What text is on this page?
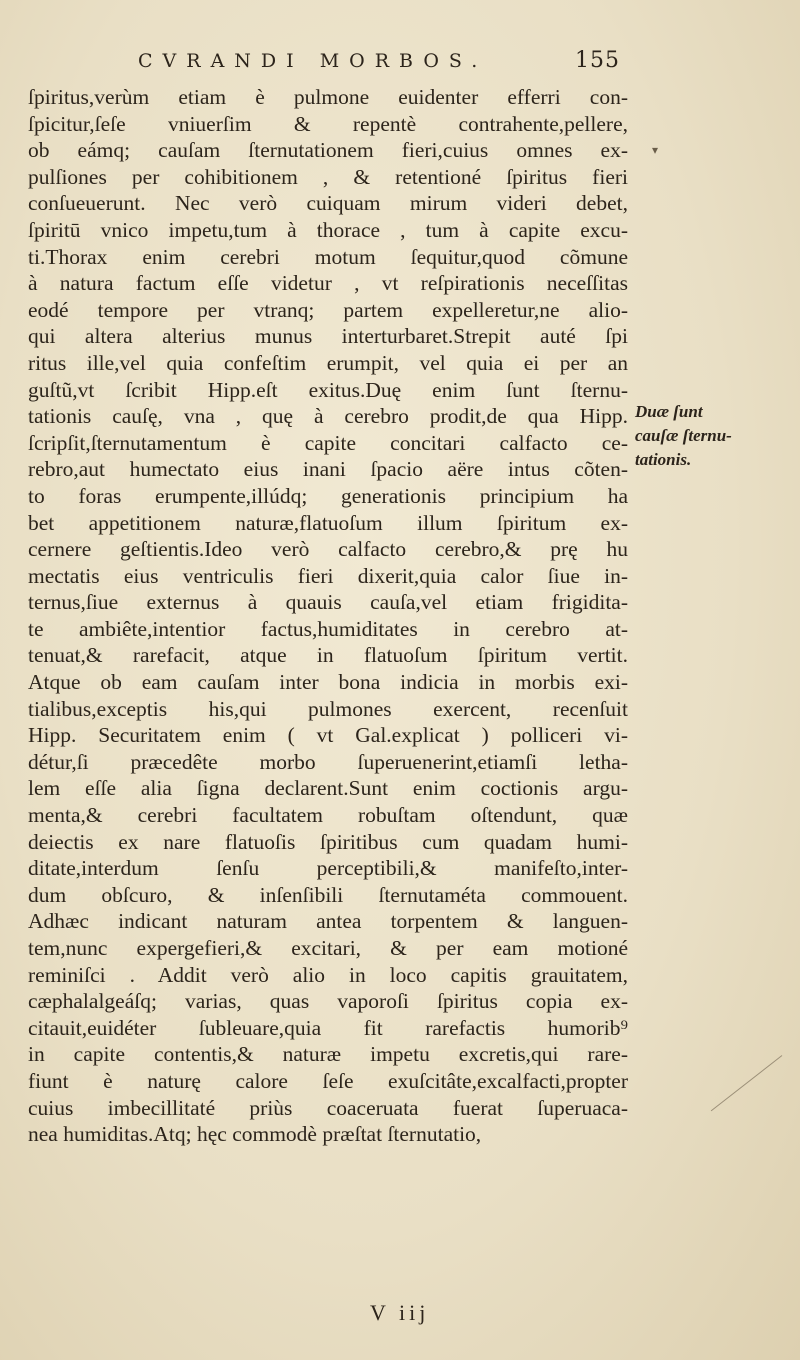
CVRANDI MORBOS.	155
▾
ſpiritus,verùm etiam è pulmone euidenter efferri con-
ſpicitur,ſeſe vniuerſim & repentè contrahente,pellere,
ob eámq; cauſam ſternutationem fieri,cuius omnes ex-
pulſiones per cohibitionem , & retentioné ſpiritus fieri
conſueuerunt. Nec verò cuiquam mirum videri debet,
ſpiritū vnico impetu,tum à thorace , tum à capite excu-
ti.Thorax enim cerebri motum ſequitur,quod cõmune
à natura factum eſſe videtur , vt reſpirationis neceſſitas
eodé tempore per vtranq; partem expelleretur,ne alio-
qui altera alterius munus interturbaret.Strepit auté ſpi
ritus ille,vel quia confeſtim erumpit, vel quia ei per an
guſtũ,vt ſcribit Hipp.eſt exitus.Duę enim ſunt ſternu-
tationis cauſę, vna , quę à cerebro prodit,de qua Hipp.
ſcripſit,ſternutamentum è capite concitari calfacto ce-
rebro,aut humectato eius inani ſpacio aëre intus cõten-
to foras erumpente,illúdq; generationis principium ha
bet appetitionem naturæ,flatuoſum illum ſpiritum ex-
cernere geſtientis.Ideo verò calfacto cerebro,& prę hu
mectatis eius ventriculis fieri dixerit,quia calor ſiue in-
ternus,ſiue externus à quauis cauſa,vel etiam frigidita-
te ambiête,intentior factus,humiditates in cerebro at-
tenuat,& rarefacit, atque in flatuoſum ſpiritum vertit.
Atque ob eam cauſam inter bona indicia in morbis exi-
tialibus,exceptis his,qui pulmones exercent, recenſuit
Hipp. Securitatem enim ( vt Gal.explicat ) polliceri vi-
détur,ſi præcedête morbo ſuperuenerint,etiamſi letha-
lem eſſe alia ſigna declarent.Sunt enim coctionis argu-
menta,& cerebri facultatem robuſtam oſtendunt, quæ
deiectis ex nare flatuoſis ſpiritibus cum quadam humi-
ditate,interdum ſenſu perceptibili,& manifeſto,inter-
dum obſcuro, & inſenſibili ſternutaméta commouent.
Adhæc indicant naturam antea torpentem & languen-
tem,nunc expergefieri,& excitari, & per eam motioné
reminiſci . Addit verò alio in loco capitis grauitatem,
cæphalalgeáſq; varias, quas vaporoſi ſpiritus copia ex-
citauit,euidéter ſubleuare,quia fit rarefactis humorib⁹
in capite contentis,& naturæ impetu excretis,qui rare-
fiunt è naturę calore ſeſe exuſcitâte,excalfacti,propter
cuius imbecillitaté priùs coaceruata fuerat ſuperuaca-
nea humiditas.Atq; hęc commodè præſtat ſternutatio,
Duæ ſunt
cauſæ ſternu-
tationis.
V iij
